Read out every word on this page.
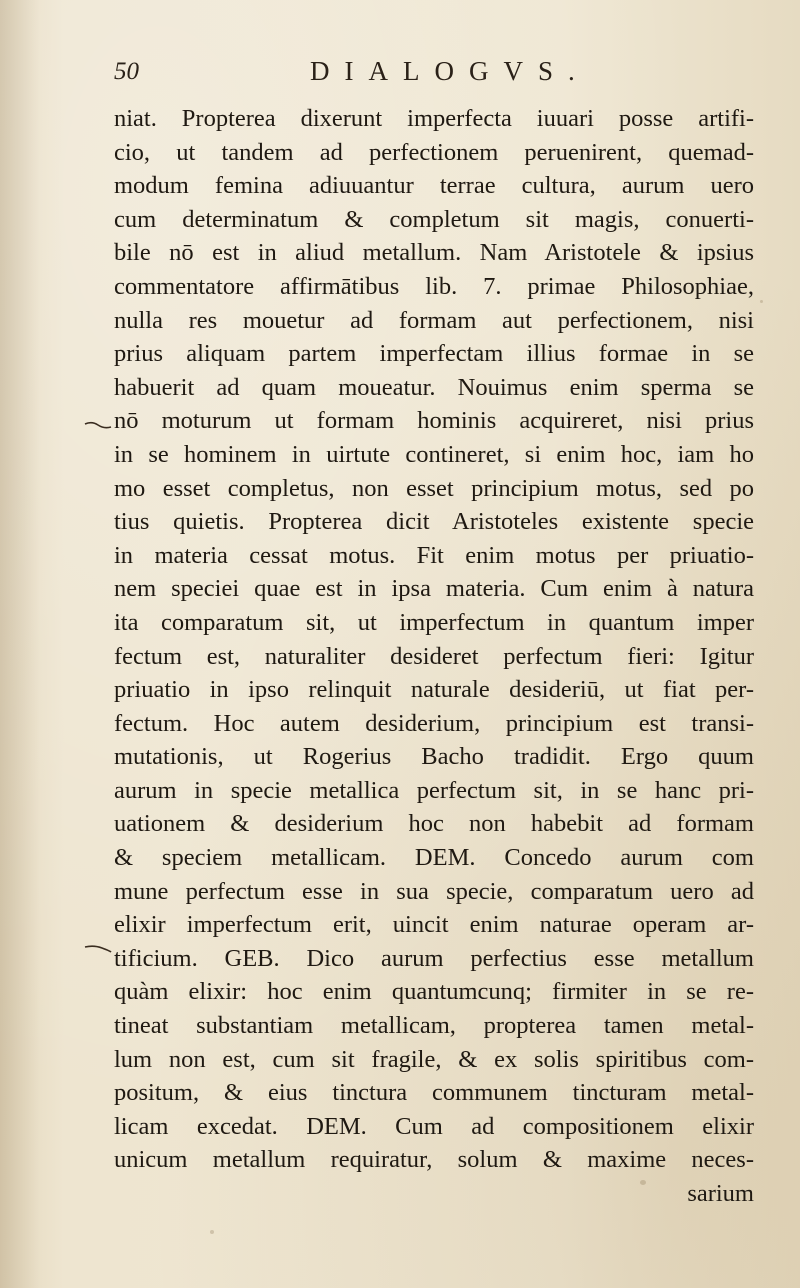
50	DIALOGVS.
niat. Propterea dixerunt imperfecta iuuari posse artifi-
cio, ut tandem ad perfectionem peruenirent, quemad-
modum femina adiuuantur terrae cultura, aurum uero
cum determinatum & completum sit magis, conuerti-
bile nō est in aliud metallum. Nam Aristotele & ipsius
commentatore affirmātibus lib. 7. primae Philosophiae,
nulla res mouetur ad formam aut perfectionem, nisi
prius aliquam partem imperfectam illius formae in se
habuerit ad quam moueatur. Nouimus enim sperma se
nō moturum ut formam hominis acquireret, nisi prius
in se hominem in uirtute contineret, si enim hoc, iam ho
mo esset completus, non esset principium motus, sed po
tius quietis. Propterea dicit Aristoteles existente specie
in materia cessat motus. Fit enim motus per priuatio-
nem speciei quae est in ipsa materia. Cum enim à natura
ita comparatum sit, ut imperfectum in quantum imper
fectum est, naturaliter desideret perfectum fieri: Igitur
priuatio in ipso relinquit naturale desideriū, ut fiat per-
fectum. Hoc autem desiderium, principium est transi-
mutationis, ut Rogerius Bacho tradidit. Ergo quum
aurum in specie metallica perfectum sit, in se hanc pri-
uationem & desiderium hoc non habebit ad formam
& speciem metallicam. DEM. Concedo aurum com
mune perfectum esse in sua specie, comparatum uero ad
elixir imperfectum erit, uincit enim naturae operam ar-
tificium. GEB. Dico aurum perfectius esse metallum
quàm elixir: hoc enim quantumcunq; firmiter in se re-
tineat substantiam metallicam, propterea tamen metal-
lum non est, cum sit fragile, & ex solis spiritibus com-
positum, & eius tinctura communem tincturam metal-
licam excedat. DEM. Cum ad compositionem elixir
unicum metallum requiratur, solum & maxime neces-
sarium
